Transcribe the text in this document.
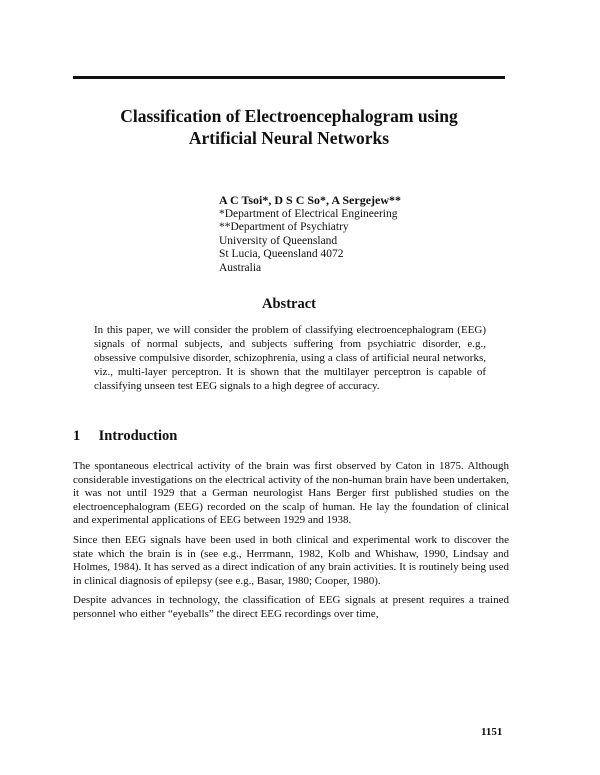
Classification of Electroencephalogram using
Artificial Neural Networks
A C Tsoi*, D S C So*, A Sergejew**
*Department of Electrical Engineering
**Department of Psychiatry
University of Queensland
St Lucia, Queensland 4072
Australia
Abstract
In this paper, we will consider the problem of classifying electroencephalogram (EEG) signals of normal subjects, and subjects suffering from psychiatric disorder, e.g., obsessive compulsive disorder, schizophrenia, using a class of artificial neural networks, viz., multi-layer perceptron. It is shown that the multilayer perceptron is capable of classifying unseen test EEG signals to a high degree of accuracy.
1 Introduction

The spontaneous electrical activity of the brain was first observed by Caton in 1875. Although considerable investigations on the electrical activity of the non-human brain have been undertaken, it was not until 1929 that a German neurologist Hans Berger first published studies on the electroencephalogram (EEG) recorded on the scalp of human. He lay the foundation of clinical and experimental applications of EEG between 1929 and 1938.

Since then EEG signals have been used in both clinical and experimental work to discover the state which the brain is in (see e.g., Herrmann, 1982, Kolb and Whishaw, 1990, Lindsay and Holmes, 1984). It has served as a direct indication of any brain activities. It is routinely being used in clinical diagnosis of epilepsy (see e.g., Basar, 1980; Cooper, 1980).

Despite advances in technology, the classification of EEG signals at present requires a trained personnel who either “eyeballs” the direct EEG recordings over time,

1151
